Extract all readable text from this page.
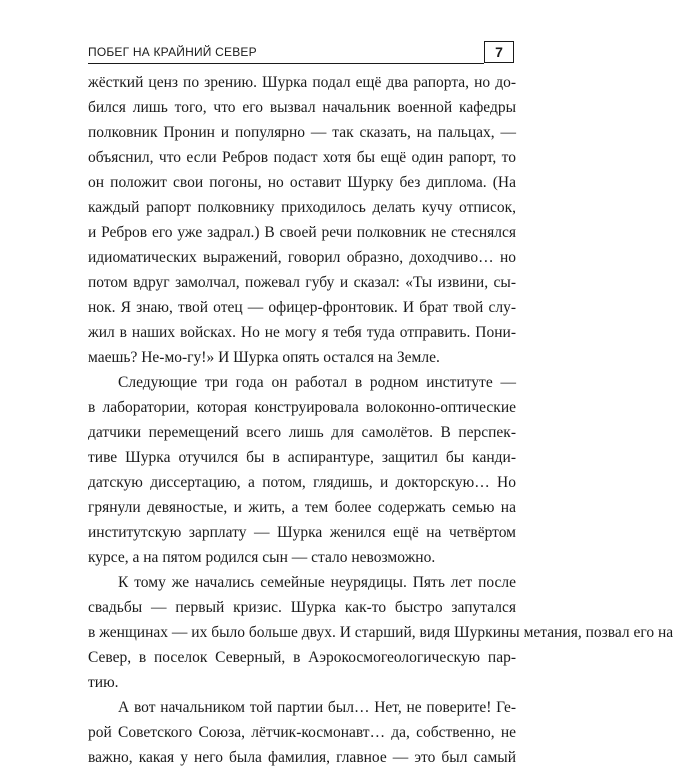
ПОБЕГ НА КРАЙНИЙ СЕВЕР	7
жёсткий ценз по зрению. Шурка подал ещё два рапорта, но до-
бился лишь того, что его вызвал начальник военной кафедры
полковник Пронин и популярно — так сказать, на пальцах, —
объяснил, что если Ребров подаст хотя бы ещё один рапорт, то
он положит свои погоны, но оставит Шурку без диплома. (На
каждый рапорт полковнику приходилось делать кучу отписок,
и Ребров его уже задрал.) В своей речи полковник не стеснялся
идиоматических выражений, говорил образно, доходчиво… но
потом вдруг замолчал, пожевал губу и сказал: «Ты извини, сы-
нок. Я знаю, твой отец — офицер-фронтовик. И брат твой слу-
жил в наших войсках. Но не могу я тебя туда отправить. Пони-
маешь? Не-мо-гу!» И Шурка опять остался на Земле.
Следующие три года он работал в родном институте —
в лаборатории, которая конструировала волоконно-оптические
датчики перемещений всего лишь для самолётов. В перспек-
тиве Шурка отучился бы в аспирантуре, защитил бы канди-
датскую диссертацию, а потом, глядишь, и докторскую… Но
грянули девяностые, и жить, а тем более содержать семью на
институтскую зарплату — Шурка женился ещё на четвёртом
курсе, а на пятом родился сын — стало невозможно.
К тому же начались семейные неурядицы. Пять лет после
свадьбы — первый кризис. Шурка как-то быстро запутался
в женщинах — их было больше двух. И старший, видя Шуркины метания, позвал его на
Север, в поселок Северный, в Аэрокосмогеологическую пар-
тию.
А вот начальником той партии был… Нет, не поверите! Ге-
рой Советского Союза, лётчик-космонавт… да, собственно, не
важно, какая у него была фамилия, главное — это был самый
